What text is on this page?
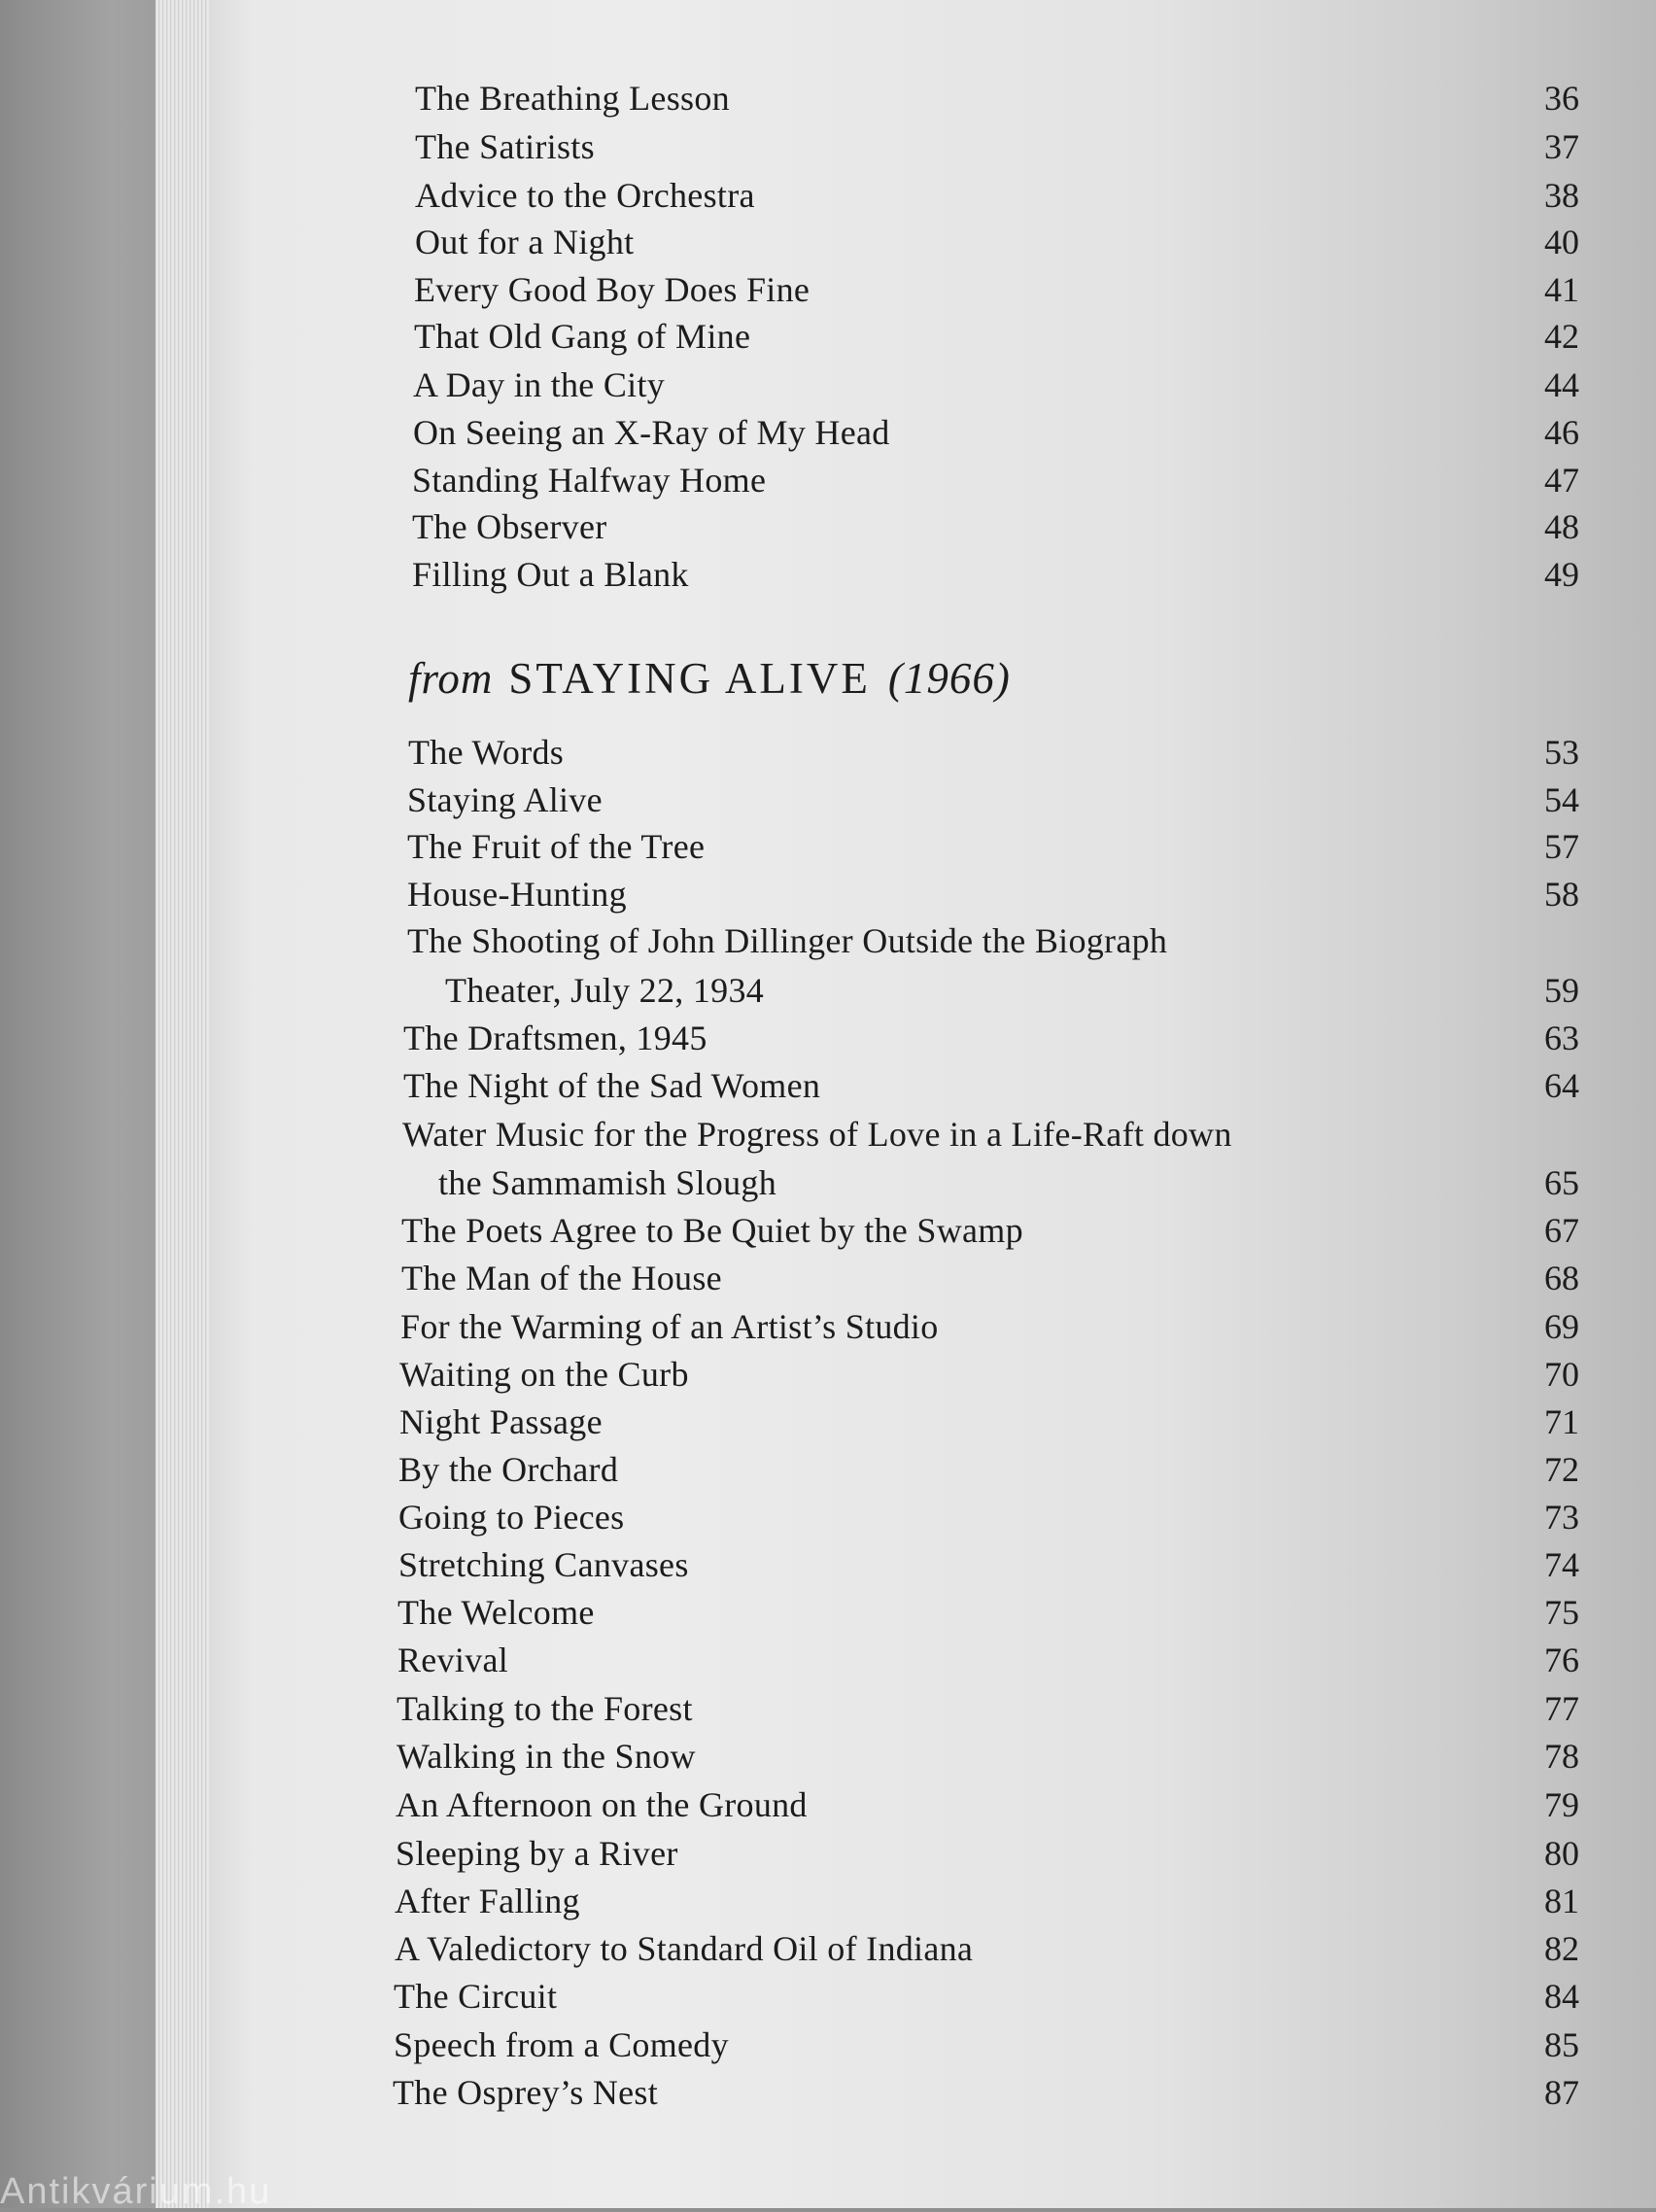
The Breathing Lesson	36
The Satirists	37
Advice to the Orchestra	38
Out for a Night	40
Every Good Boy Does Fine	41
That Old Gang of Mine	42
A Day in the City	44
On Seeing an X-Ray of My Head	46
Standing Halfway Home	47
The Observer	48
Filling Out a Blank	49
The Words	53
Staying Alive	54
The Fruit of the Tree	57
House-Hunting	58
The Shooting of John Dillinger Outside the Biograph
Theater, July 22, 1934	59
The Draftsmen, 1945	63
The Night of the Sad Women	64
Water Music for the Progress of Love in a Life-Raft down
the Sammamish Slough	65
The Poets Agree to Be Quiet by the Swamp	67
The Man of the House	68
For the Warming of an Artist’s Studio	69
Waiting on the Curb	70
Night Passage	71
By the Orchard	72
Going to Pieces	73
Stretching Canvases	74
The Welcome	75
Revival	76
Talking to the Forest	77
Walking in the Snow	78
An Afternoon on the Ground	79
Sleeping by a River	80
After Falling	81
A Valedictory to Standard Oil of Indiana	82
The Circuit	84
Speech from a Comedy	85
The Osprey’s Nest	87
from STAYING ALIVE (1966)
Antikvárium.hu
